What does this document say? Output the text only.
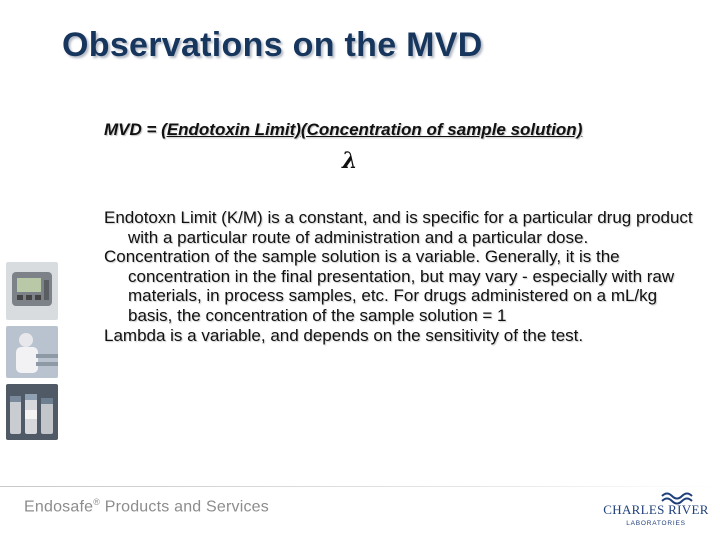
Observations on the MVD
MVD = (Endotoxin Limit)(Concentration of sample solution)
λ

Endotoxn Limit (K/M) is a constant, and is specific for a particular drug product with a particular route of administration and a particular dose.

Concentration of the sample solution is a variable. Generally, it is the concentration in the final presentation, but may vary - especially with raw materials, in process samples, etc. For drugs administered on a mL/kg basis, the concentration of the sample solution = 1

Lambda is a variable, and depends on the sensitivity of the test.

Endosafe® Products and Services	CHARLES RIVER
LABORATORIES
